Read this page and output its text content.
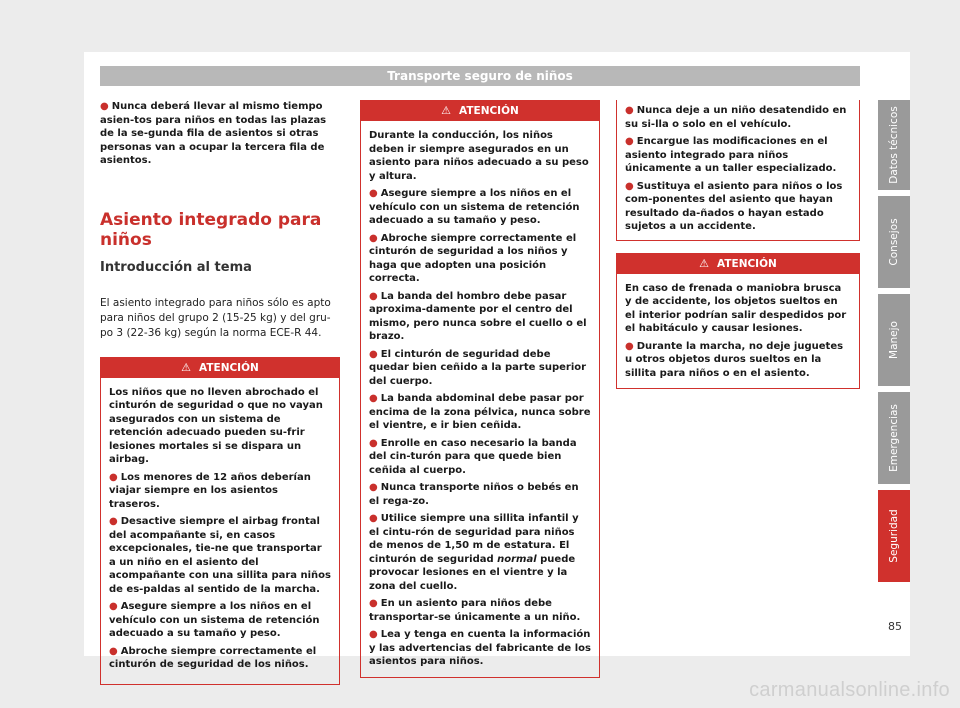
Transporte seguro de niños

● Nunca deberá llevar al mismo tiempo asien-tos para niños en todas las plazas de la se-gunda fila de asientos si otras personas van a ocupar la tercera fila de asientos.

Asiento integrado para niños
Introducción al tema

El asiento integrado para niños sólo es apto para niños del grupo 2 (15-25 kg) y del gru-po 3 (22-36 kg) según la norma ECE-R 44.

⚠ ATENCIÓN

Los niños que no lleven abrochado el cinturón de seguridad o que no vayan asegurados con un sistema de retención adecuado pueden su-frir lesiones mortales si se dispara un airbag.

● Los menores de 12 años deberían viajar siempre en los asientos traseros.

● Desactive siempre el airbag frontal del acompañante si, en casos excepcionales, tie-ne que transportar a un niño en el asiento del acompañante con una sillita para niños de es-paldas al sentido de la marcha.

● Asegure siempre a los niños en el vehículo con un sistema de retención adecuado a su tamaño y peso.

● Abroche siempre correctamente el cinturón de seguridad de los niños.

⚠ ATENCIÓN

Durante la conducción, los niños deben ir siempre asegurados en un asiento para niños adecuado a su peso y altura.

● Asegure siempre a los niños en el vehículo con un sistema de retención adecuado a su tamaño y peso.

● Abroche siempre correctamente el cinturón de seguridad a los niños y haga que adopten una posición correcta.

● La banda del hombro debe pasar aproxima-damente por el centro del mismo, pero nunca sobre el cuello o el brazo.

● El cinturón de seguridad debe quedar bien ceñido a la parte superior del cuerpo.

● La banda abdominal debe pasar por encima de la zona pélvica, nunca sobre el vientre, e ir bien ceñida.

● Enrolle en caso necesario la banda del cin-turón para que quede bien ceñida al cuerpo.

● Nunca transporte niños o bebés en el rega-zo.

● Utilice siempre una sillita infantil y el cintu-rón de seguridad para niños de menos de 1,50 m de estatura. El cinturón de seguridad normal puede provocar lesiones en el vientre y la zona del cuello.

● En un asiento para niños debe transportar-se únicamente a un niño.

● Lea y tenga en cuenta la información y las advertencias del fabricante de los asientos para niños.

● Nunca deje a un niño desatendido en su si-lla o solo en el vehículo.

● Encargue las modificaciones en el asiento integrado para niños únicamente a un taller especializado.

● Sustituya el asiento para niños o los com-ponentes del asiento que hayan resultado da-ñados o hayan estado sujetos a un accidente.

⚠ ATENCIÓN

En caso de frenada o maniobra brusca y de accidente, los objetos sueltos en el interior podrían salir despedidos por el habitáculo y causar lesiones.

● Durante la marcha, no deje juguetes u otros objetos duros sueltos en la sillita para niños o en el asiento.

Datos técnicos
Consejos
Manejo
Emergencias
Seguridad
85
carmanualsonline.info
